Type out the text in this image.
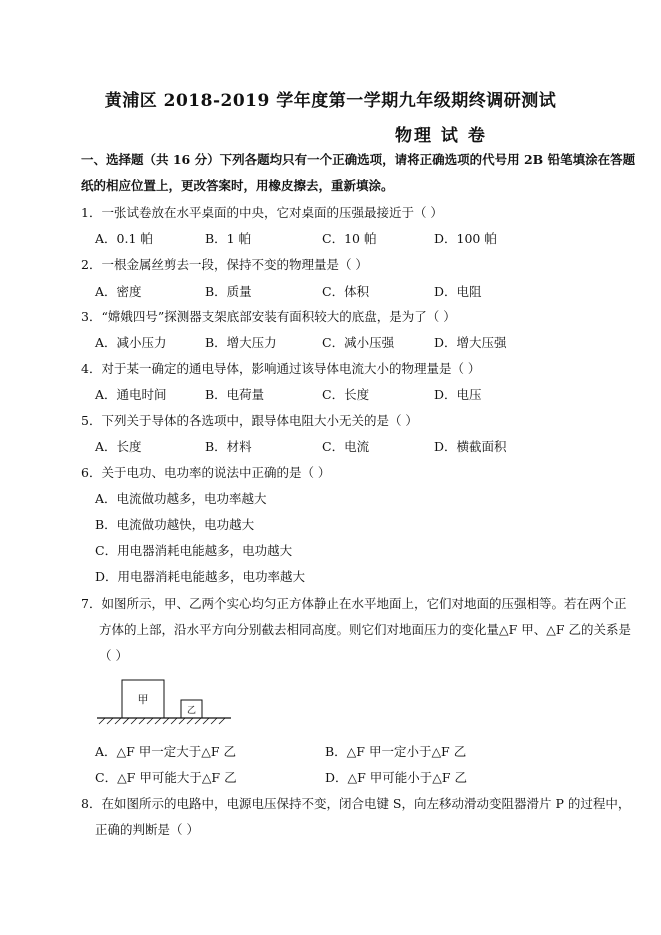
黄浦区 2018-2019 学年度第一学期九年级期终调研测试
物理 试 卷
一、选择题（共 16 分）下列各题均只有一个正确选项，请将正确选项的代号用 2B 铅笔填涂在答题
纸的相应位置上，更改答案时，用橡皮擦去，重新填涂。
1．一张试卷放在水平桌面的中央，它对桌面的压强最接近于（ ）
A．0.1 帕	B．1 帕	C．10 帕	D．100 帕
2．一根金属丝剪去一段，保持不变的物理量是（ ）
A．密度	B．质量	C．体积	D．电阻
3．“嫦娥四号”探测器支架底部安装有面积较大的底盘，是为了（ ）
A．减小压力	B．增大压力	C．减小压强	D．增大压强
4．对于某一确定的通电导体，影响通过该导体电流大小的物理量是（ ）
A．通电时间	B．电荷量	C．长度	D．电压
5．下列关于导体的各选项中，跟导体电阻大小无关的是（ ）
A．长度	B．材料	C．电流	D．横截面积
6．关于电功、电功率的说法中正确的是（ ）
A．电流做功越多，电功率越大
B．电流做功越快，电功越大
C．用电器消耗电能越多，电功越大
D．用电器消耗电能越多，电功率越大
7．如图所示，甲、乙两个实心均匀正方体静止在水平地面上，它们对地面的压强相等。若在两个正
方体的上部，沿水平方向分别截去相同高度。则它们对地面压力的变化量△F 甲、△F 乙的关系是
（ ）
甲
乙
A．△F 甲一定大于△F 乙	B．△F 甲一定小于△F 乙
C．△F 甲可能大于△F 乙	D．△F 甲可能小于△F 乙
8．在如图所示的电路中，电源电压保持不变，闭合电键 S，向左移动滑动变阻器滑片 P 的过程中，
正确的判断是（ ）
